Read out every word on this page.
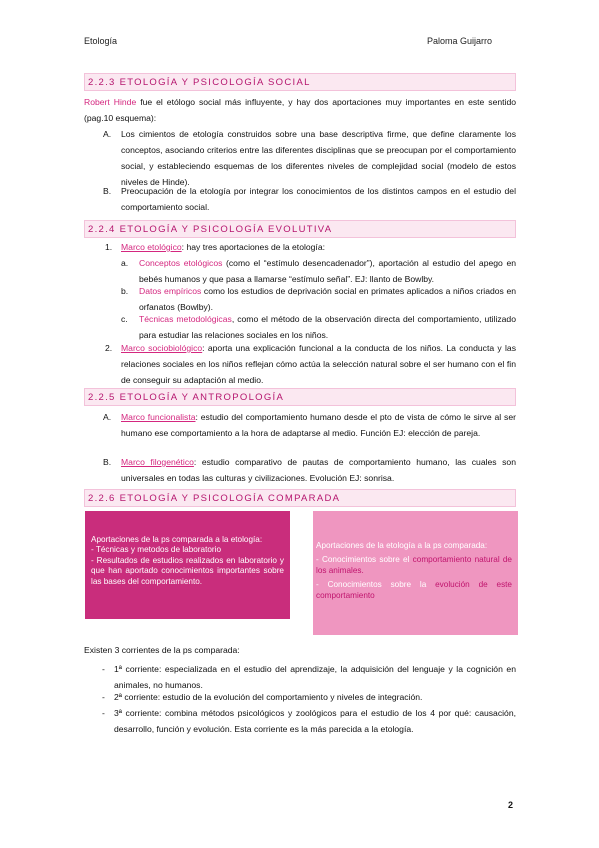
Etología	Paloma Guijarro
2.2.3 ETOLOGÍA Y PSICOLOGÍA SOCIAL
Robert Hinde fue el etólogo social más influyente, y hay dos aportaciones muy importantes en este sentido (pag.10 esquema):
A. Los cimientos de etología construidos sobre una base descriptiva firme, que define claramente los conceptos, asociando criterios entre las diferentes disciplinas que se preocupan por el comportamiento social, y estableciendo esquemas de los diferentes niveles de complejidad social (modelo de estos niveles de Hinde).
B. Preocupación de la etología por integrar los conocimientos de los distintos campos en el estudio del comportamiento social.
2.2.4 ETOLOGÍA Y PSICOLOGÍA EVOLUTIVA
1. Marco etológico: hay tres aportaciones de la etología:
a. Conceptos etológicos (como el “estímulo desencadenador”), aportación al estudio del apego en bebés humanos y que pasa a llamarse “estímulo señal”. EJ: llanto de Bowlby.
b. Datos empíricos como los estudios de deprivación social en primates aplicados a niños criados en orfanatos (Bowlby).
c. Técnicas metodológicas, como el método de la observación directa del comportamiento, utilizado para estudiar las relaciones sociales en los niños.
2. Marco sociobiológico: aporta una explicación funcional a la conducta de los niños. La conducta y las relaciones sociales en los niños reflejan cómo actúa la selección natural sobre el ser humano con el fin de conseguir su adaptación al medio.
2.2.5 ETOLOGÍA Y ANTROPOLOGÍA
A. Marco funcionalista: estudio del comportamiento humano desde el pto de vista de cómo le sirve al ser humano ese comportamiento a la hora de adaptarse al medio. Función EJ: elección de pareja.
B. Marco filogenético: estudio comparativo de pautas de comportamiento humano, las cuales son universales en todas las culturas y civilizaciones. Evolución EJ: sonrisa.
2.2.6 ETOLOGÍA Y PSICOLOGÍA COMPARADA
Aportaciones de la ps comparada a la etología:
- Técnicas y metodos de laboratorio
- Resultados de estudios realizados en laboratorio y que han aportado conocimientos importantes sobre las bases del comportamiento.
Aportaciones de la etología a la ps comparada:
- Conocimientos sobre el comportamiento natural de los animales.
- Conocimientos sobre la evolución de este comportamiento
Existen 3 corrientes de la ps comparada:
- 1ª corriente: especializada en el estudio del aprendizaje, la adquisición del lenguaje y la cognición en animales, no humanos.
- 2ª corriente: estudio de la evolución del comportamiento y niveles de integración.
- 3ª corriente: combina métodos psicológicos y zoológicos para el estudio de los 4 por qué: causación, desarrollo, función y evolución. Esta corriente es la más parecida a la etología.
2
